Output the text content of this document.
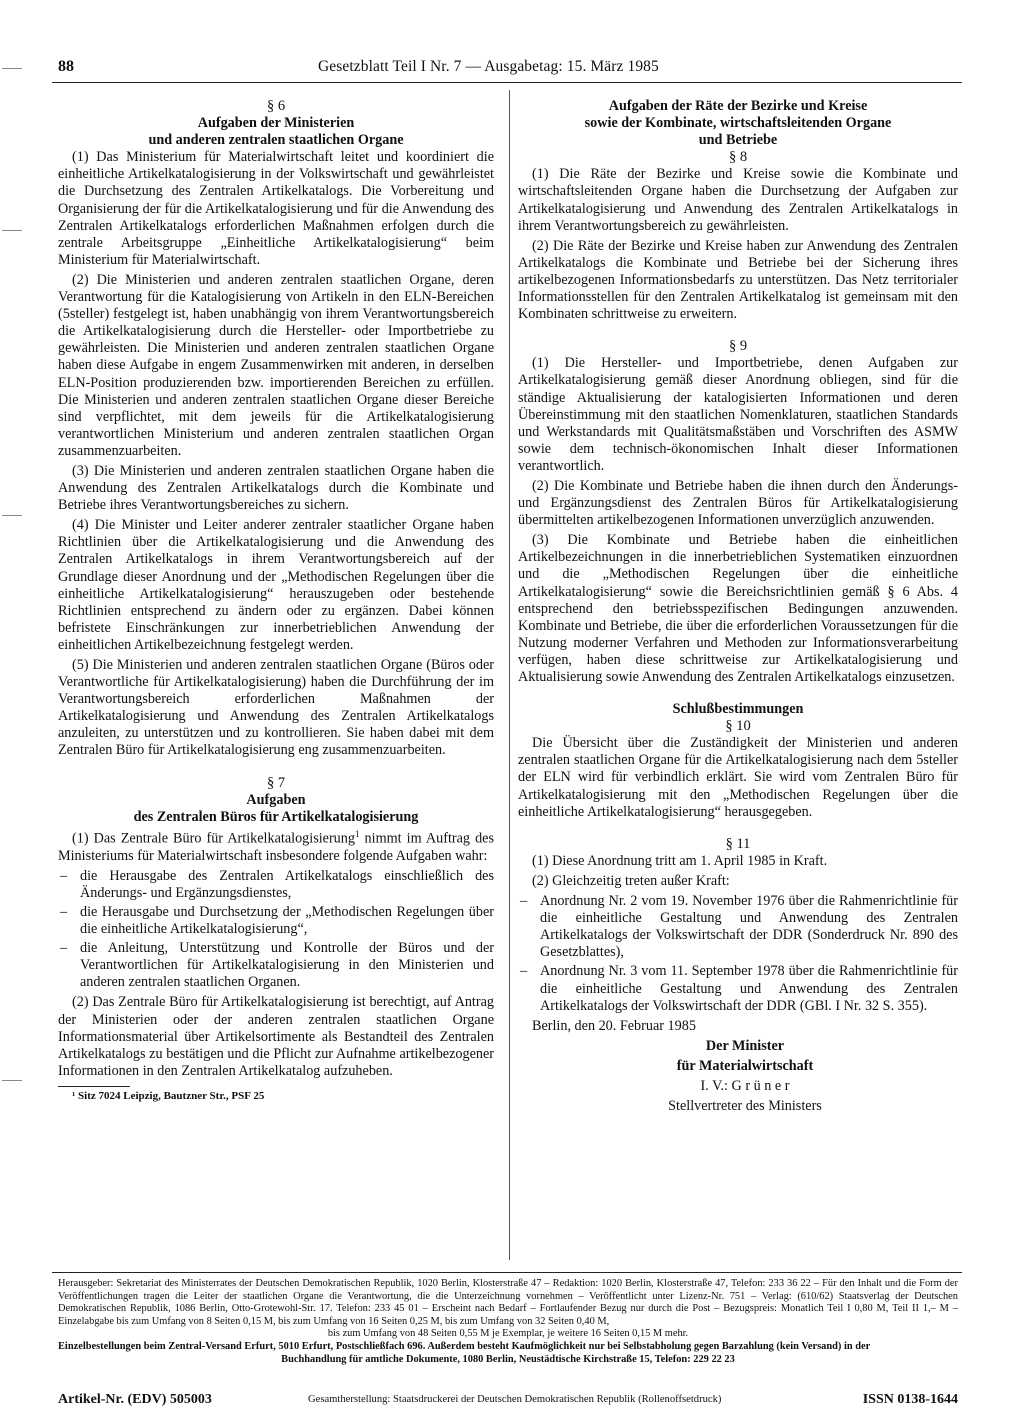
88	Gesetzblatt Teil I Nr. 7 — Ausgabetag: 15. März 1985
§ 6
Aufgaben der Ministerien
und anderen zentralen staatlichen Organe

(1) Das Ministerium für Materialwirtschaft leitet und koordiniert die einheitliche Artikelkatalogisierung in der Volkswirtschaft und gewährleistet die Durchsetzung des Zentralen Artikelkatalogs. Die Vorbereitung und Organisierung der für die Artikelkatalogisierung und für die Anwendung des Zentralen Artikelkatalogs erforderlichen Maßnahmen erfolgen durch die zentrale Arbeitsgruppe „Einheitliche Artikelkatalogisierung“ beim Ministerium für Materialwirtschaft.

(2) Die Ministerien und anderen zentralen staatlichen Organe, deren Verantwortung für die Katalogisierung von Artikeln in den ELN-Bereichen (5steller) festgelegt ist, haben unabhängig von ihrem Verantwortungsbereich die Artikelkatalogisierung durch die Hersteller- oder Importbetriebe zu gewährleisten. Die Ministerien und anderen zentralen staatlichen Organe haben diese Aufgabe in engem Zusammenwirken mit anderen, in derselben ELN-Position produzierenden bzw. importierenden Bereichen zu erfüllen. Die Ministerien und anderen zentralen staatlichen Organe dieser Bereiche sind verpflichtet, mit dem jeweils für die Artikelkatalogisierung verantwortlichen Ministerium und anderen zentralen staatlichen Organ zusammenzuarbeiten.

(3) Die Ministerien und anderen zentralen staatlichen Organe haben die Anwendung des Zentralen Artikelkatalogs durch die Kombinate und Betriebe ihres Verantwortungsbereiches zu sichern.

(4) Die Minister und Leiter anderer zentraler staatlicher Organe haben Richtlinien über die Artikelkatalogisierung und die Anwendung des Zentralen Artikelkatalogs in ihrem Verantwortungsbereich auf der Grundlage dieser Anordnung und der „Methodischen Regelungen über die einheitliche Artikelkatalogisierung“ herauszugeben oder bestehende Richtlinien entsprechend zu ändern oder zu ergänzen. Dabei können befristete Einschränkungen zur innerbetrieblichen Anwendung der einheitlichen Artikelbezeichnung festgelegt werden.

(5) Die Ministerien und anderen zentralen staatlichen Organe (Büros oder Verantwortliche für Artikelkatalogisierung) haben die Durchführung der im Verantwortungsbereich erforderlichen Maßnahmen der Artikelkatalogisierung und Anwendung des Zentralen Artikelkatalogs anzuleiten, zu unterstützen und zu kontrollieren. Sie haben dabei mit dem Zentralen Büro für Artikelkatalogisierung eng zusammenzuarbeiten.

§ 7
Aufgaben
des Zentralen Büros für Artikelkatalogisierung

(1) Das Zentrale Büro für Artikelkatalogisierung$^1$ nimmt im Auftrag des Ministeriums für Materialwirtschaft insbesondere folgende Aufgaben wahr:

– die Herausgabe des Zentralen Artikelkatalogs einschließlich des Änderungs- und Ergänzungsdienstes,
– die Herausgabe und Durchsetzung der „Methodischen Regelungen über die einheitliche Artikelkatalogisierung“,
– die Anleitung, Unterstützung und Kontrolle der Büros und der Verantwortlichen für Artikelkatalogisierung in den Ministerien und anderen zentralen staatlichen Organen.

(2) Das Zentrale Büro für Artikelkatalogisierung ist berechtigt, auf Antrag der Ministerien oder der anderen zentralen staatlichen Organe Informationsmaterial über Artikelsortimente als Bestandteil des Zentralen Artikelkatalogs zu bestätigen und die Pflicht zur Aufnahme artikelbezogener Informationen in den Zentralen Artikelkatalog aufzuheben.

¹ Sitz 7024 Leipzig, Bautzner Str., PSF 25

Aufgaben der Räte der Bezirke und Kreise
sowie der Kombinate, wirtschaftsleitenden Organe
und Betriebe
§ 8

(1) Die Räte der Bezirke und Kreise sowie die Kombinate und wirtschaftsleitenden Organe haben die Durchsetzung der Aufgaben zur Artikelkatalogisierung und Anwendung des Zentralen Artikelkatalogs in ihrem Verantwortungsbereich zu gewährleisten.

(2) Die Räte der Bezirke und Kreise haben zur Anwendung des Zentralen Artikelkatalogs die Kombinate und Betriebe bei der Sicherung ihres artikelbezogenen Informationsbedarfs zu unterstützen. Das Netz territorialer Informationsstellen für den Zentralen Artikelkatalog ist gemeinsam mit den Kombinaten schrittweise zu erweitern.

§ 9

(1) Die Hersteller- und Importbetriebe, denen Aufgaben zur Artikelkatalogisierung gemäß dieser Anordnung obliegen, sind für die ständige Aktualisierung der katalogisierten Informationen und deren Übereinstimmung mit den staatlichen Nomenklaturen, staatlichen Standards und Werkstandards mit Qualitätsmaßstäben und Vorschriften des ASMW sowie dem technisch-ökonomischen Inhalt dieser Informationen verantwortlich.

(2) Die Kombinate und Betriebe haben die ihnen durch den Änderungs- und Ergänzungsdienst des Zentralen Büros für Artikelkatalogisierung übermittelten artikelbezogenen Informationen unverzüglich anzuwenden.

(3) Die Kombinate und Betriebe haben die einheitlichen Artikelbezeichnungen in die innerbetrieblichen Systematiken einzuordnen und die „Methodischen Regelungen über die einheitliche Artikelkatalogisierung“ sowie die Bereichsrichtlinien gemäß § 6 Abs. 4 entsprechend den betriebsspezifischen Bedingungen anzuwenden. Kombinate und Betriebe, die über die erforderlichen Voraussetzungen für die Nutzung moderner Verfahren und Methoden zur Informationsverarbeitung verfügen, haben diese schrittweise zur Artikelkatalogisierung und Aktualisierung sowie Anwendung des Zentralen Artikelkatalogs einzusetzen.

Schlußbestimmungen
§ 10

Die Übersicht über die Zuständigkeit der Ministerien und anderen zentralen staatlichen Organe für die Artikelkatalogisierung nach dem 5steller der ELN wird für verbindlich erklärt. Sie wird vom Zentralen Büro für Artikelkatalogisierung mit den „Methodischen Regelungen über die einheitliche Artikelkatalogisierung“ herausgegeben.

§ 11

(1) Diese Anordnung tritt am 1. April 1985 in Kraft.

(2) Gleichzeitig treten außer Kraft:

– Anordnung Nr. 2 vom 19. November 1976 über die Rahmenrichtlinie für die einheitliche Gestaltung und Anwendung des Zentralen Artikelkatalogs der Volkswirtschaft der DDR (Sonderdruck Nr. 890 des Gesetzblattes),
– Anordnung Nr. 3 vom 11. September 1978 über die Rahmenrichtlinie für die einheitliche Gestaltung und Anwendung des Zentralen Artikelkatalogs der Volkswirtschaft der DDR (GBl. I Nr. 32 S. 355).

Berlin, den 20. Februar 1985

Der Minister

für Materialwirtschaft

I. V.: G r ü n e r

Stellvertreter des Ministers

Herausgeber: Sekretariat des Ministerrates der Deutschen Demokratischen Republik, 1020 Berlin, Klosterstraße 47 – Redaktion: 1020 Berlin, Klosterstraße 47, Telefon: 233 36 22 – Für den Inhalt und die Form der Veröffentlichungen tragen die Leiter der staatlichen Organe die Verantwortung, die die Unterzeichnung vornehmen – Veröffentlicht unter Lizenz-Nr. 751 – Verlag: (610/62) Staatsverlag der Deutschen Demokratischen Republik, 1086 Berlin, Otto-Grotewohl-Str. 17. Telefon: 233 45 01 – Erscheint nach Bedarf – Fortlaufender Bezug nur durch die Post – Bezugspreis: Monatlich Teil I 0,80 M, Teil II 1,– M – Einzelabgabe bis zum Umfang von 8 Seiten 0,15 M, bis zum Umfang von 16 Seiten 0,25 M, bis zum Umfang von 32 Seiten 0,40 M,
bis zum Umfang von 48 Seiten 0,55 M je Exemplar, je weitere 16 Seiten 0,15 M mehr.
Einzelbestellungen beim Zentral-Versand Erfurt, 5010 Erfurt, Postschließfach 696. Außerdem besteht Kaufmöglichkeit nur bei Selbstabholung gegen Barzahlung (kein Versand) in der
Buchhandlung für amtliche Dokumente, 1080 Berlin, Neustädtische Kirchstraße 15, Telefon: 229 22 23
Artikel-Nr. (EDV) 505003	Gesamtherstellung: Staatsdruckerei der Deutschen Demokratischen Republik (Rollenoffsetdruck)	ISSN 0138-1644
